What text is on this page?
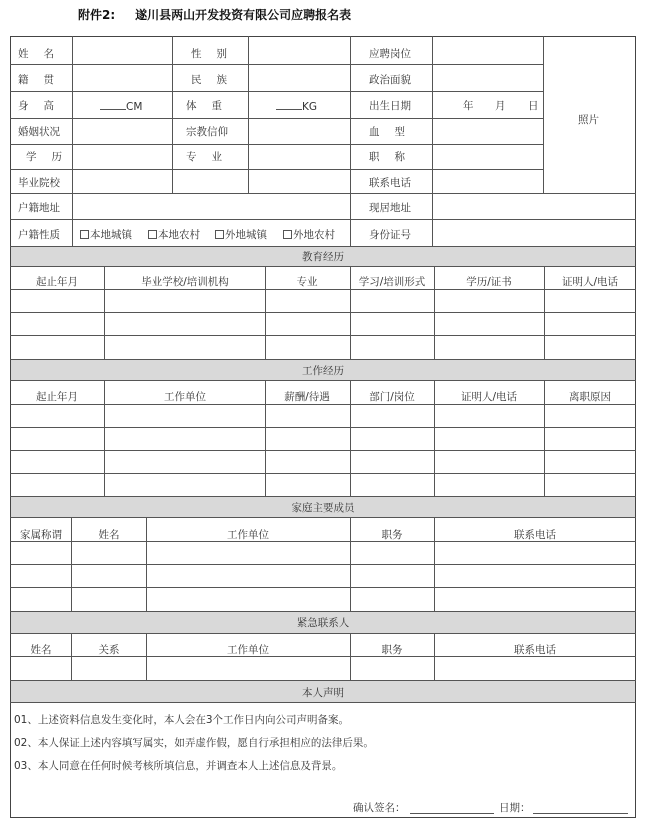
附件2: 遂川县两山开发投资有限公司应聘报名表
姓名	性别	应聘岗位
籍贯	民族	政治面貌
身高	CM	体重	KG	出生日期	年 月 日
婚姻状况	宗教信仰	血型
学历	专业	职称
毕业院校	联系电话
户籍地址	现居地址
户籍性质	本地城镇	本地农村	外地城镇	外地农村	身份证号
照片
教育经历
起止年月	毕业学校/培训机构	专业	学习/培训形式	学历/证书	证明人/电话
工作经历
起止年月	工作单位	薪酬/待遇	部门/岗位	证明人/电话	离职原因
家庭主要成员
家属称谓	姓名	工作单位	职务	联系电话
紧急联系人
姓名	关系	工作单位	职务	联系电话
本人声明
01、上述资料信息发生变化时，本人会在3个工作日内向公司声明备案。
02、本人保证上述内容填写属实，如弄虚作假，愿自行承担相应的法律后果。
03、本人同意在任何时候考核所填信息，并调查本人上述信息及背景。
确认签名：	日期：
